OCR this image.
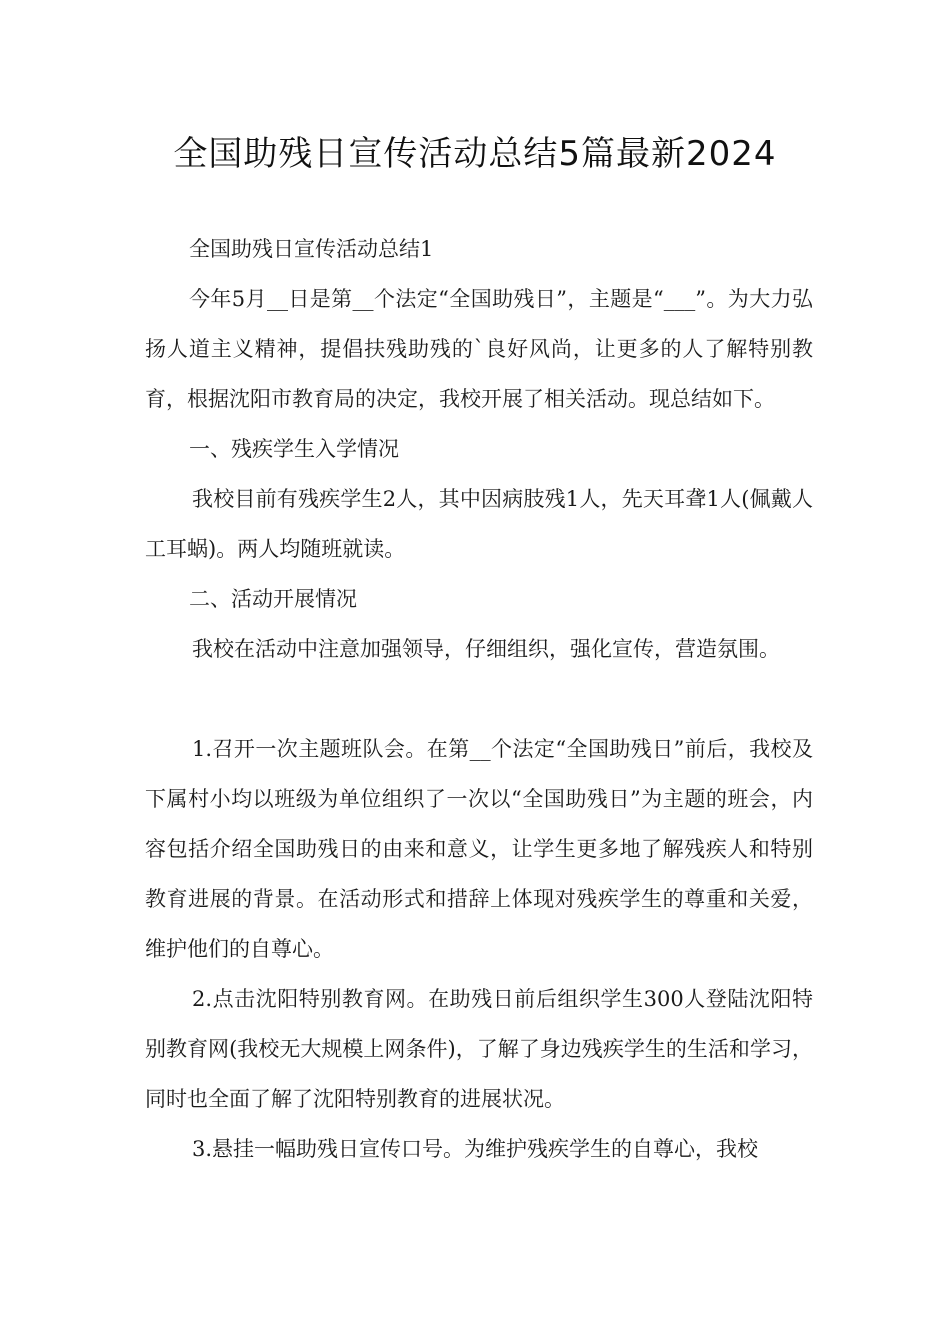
全国助残日宣传活动总结5篇最新2024

全国助残日宣传活动总结1

今年5月__日是第__个法定“全国助残日”，主题是“___”。为大力弘扬人道主义精神，提倡扶残助残的`良好风尚，让更多的人了解特别教育，根据沈阳市教育局的决定，我校开展了相关活动。现总结如下。

一、残疾学生入学情况

我校目前有残疾学生2人，其中因病肢残1人，先天耳聋1人(佩戴人工耳蜗)。两人均随班就读。

二、活动开展情况

我校在活动中注意加强领导，仔细组织，强化宣传，营造氛围。

1.召开一次主题班队会。在第__个法定“全国助残日”前后，我校及下属村小均以班级为单位组织了一次以“全国助残日”为主题的班会，内容包括介绍全国助残日的由来和意义，让学生更多地了解残疾人和特别教育进展的背景。在活动形式和措辞上体现对残疾学生的尊重和关爱，维护他们的自尊心。

2.点击沈阳特别教育网。在助残日前后组织学生300人登陆沈阳特别教育网(我校无大规模上网条件)，了解了身边残疾学生的生活和学习，同时也全面了解了沈阳特别教育的进展状况。

3.悬挂一幅助残日宣传口号。为维护残疾学生的自尊心，我校
